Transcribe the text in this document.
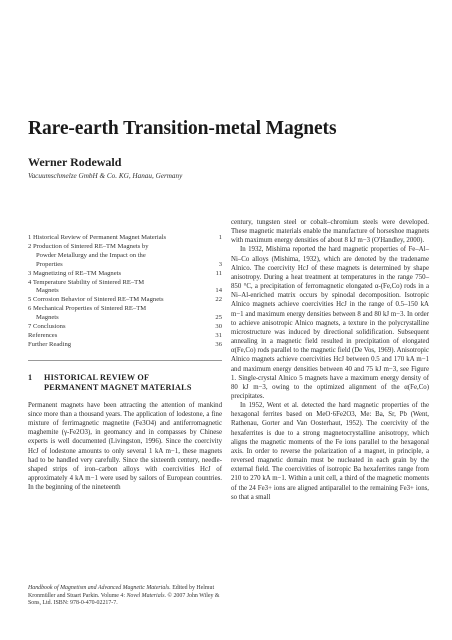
Rare-earth Transition-metal Magnets
Werner Rodewald
Vacuumschmelze GmbH & Co. KG, Hanau, Germany
1 Historical Review of Permanent Magnet Materials	1
2 Production of Sintered RE–TM Magnets by
Powder Metallurgy and the Impact on the
Properties	3
3 Magnetizing of RE–TM Magnets	11
4 Temperature Stability of Sintered RE–TM
Magnets	14
5 Corrosion Behavior of Sintered RE–TM Magnets	22
6 Mechanical Properties of Sintered RE–TM
Magnets	25
7 Conclusions	30
References	31
Further Reading	36
1	HISTORICAL REVIEW OF
PERMANENT MAGNET MATERIALS

Permanent magnets have been attracting the attention of mankind since more than a thousand years. The application of lodestone, a fine mixture of ferrimagnetic magnetite (Fe3O4) and antiferromagnetic maghemite (γ-Fe2O3), in geomancy and in compasses by Chinese experts is well documented (Livingston, 1996). Since the coercivity HcJ of lodestone amounts to only several 1 kA m−1, these magnets had to be handled very carefully. Since the sixteenth century, needle-shaped strips of iron–carbon alloys with coercivities HcJ of approximately 4 kA m−1 were used by sailors of European countries. In the beginning of the nineteenth

century, tungsten steel or cobalt–chromium steels were developed. These magnetic materials enable the manufacture of horseshoe magnets with maximum energy densities of about 8 kJ m−3 (O'Handley, 2000).

In 1932, Mishima reported the hard magnetic properties of Fe–Al–Ni–Co alloys (Mishima, 1932), which are denoted by the tradename Alnico. The coercivity HcJ of these magnets is determined by shape anisotropy. During a heat treatment at temperatures in the range 750–850 °C, a precipitation of ferromagnetic elongated α-(Fe,Co) rods in a Ni–Al-enriched matrix occurs by spinodal decomposition. Isotropic Alnico magnets achieve coercivities HcJ in the range of 0.5–150 kA m−1 and maximum energy densities between 8 and 80 kJ m−3. In order to achieve anisotropic Alnico magnets, a texture in the polycrystalline microstructure was induced by directional solidification. Subsequent annealing in a magnetic field resulted in precipitation of elongated α(Fe,Co) rods parallel to the magnetic field (De Vos, 1969). Anisotropic Alnico magnets achieve coercivities HcJ between 0.5 and 170 kA m−1 and maximum energy densities between 40 and 75 kJ m−3, see Figure 1. Single-crystal Alnico 5 magnets have a maximum energy density of 80 kJ m−3, owing to the optimized alignment of the α(Fe,Co) precipitates.

In 1952, Went et al. detected the hard magnetic properties of the hexagonal ferrites based on MeO·6Fe2O3, Me: Ba, Sr, Pb (Went, Rathenau, Gorter and Van Oosterhaut, 1952). The coercivity of the hexaferrites is due to a strong magnetocrystalline anisotropy, which aligns the magnetic moments of the Fe ions parallel to the hexagonal axis. In order to reverse the polarization of a magnet, in principle, a reversed magnetic domain must be nucleated in each grain by the external field. The coercivities of isotropic Ba hexaferrites range from 210 to 270 kA m−1. Within a unit cell, a third of the magnetic moments of the 24 Fe3+ ions are aligned antiparallel to the remaining Fe3+ ions, so that a small

Handbook of Magnetism and Advanced Magnetic Materials. Edited by Helmut Kronmüller and Stuart Parkin. Volume 4: Novel Materials. © 2007 John Wiley & Sons, Ltd. ISBN: 978-0-470-02217-7.
